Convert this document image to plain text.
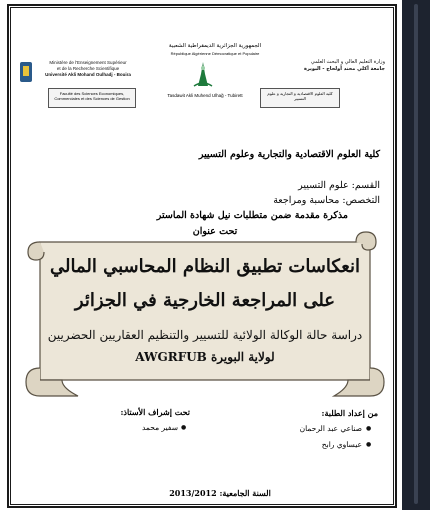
الجمهورية الجزائرية الديمقراطية الشعبية
République Algérienne Démocratique et Populaire
Ministère de l'Enseignement Supérieur
et de la Recherche Scientifique
Université Akli Mohand Oulhadj - Bouira
Tasdawit Akli Muhend Ulhağ - Tubirett
وزارة التعليم العالي و البحث العلمي
جامعة أكلي محند أولحاج - البويرة
Faculté des Sciences Economiques, Commerciales et des Sciences de Gestion
كلية العلوم الاقتصادية و التجارية و علوم التسيير
كلية العلوم الاقتصادية والتجارية وعلوم التسيير
القسم: علوم التسيير
التخصص: محاسبة ومراجعة
مذكرة مقدمة ضمن متطلبات نيل شهادة الماستر
تحت عنوان
انعكاسات تطبيق النظام المحاسبي المالي
على المراجعة الخارجية في الجزائر
دراسة حالة الوكالة الولائية للتسيير والتنظيم العقاريين الحضريين
لولاية البويرة AWGRFUB
تحت إشراف الأستاذ:
●
سفير محمد
من إعداد الطلبة:
●
صناعي عبد الرحمان
●
عيساوي رابح
السنة الجامعية: 2013/2012
